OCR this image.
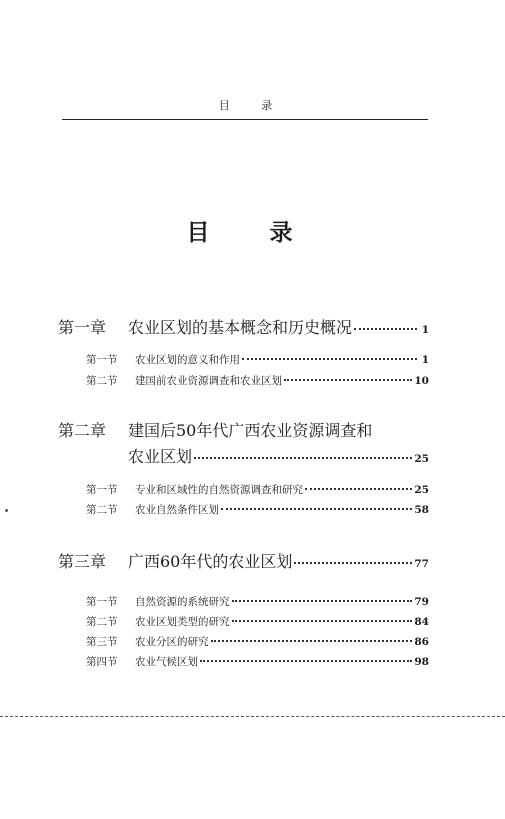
目 录
目 录
第一章	农业区划的基本概念和历史概况	1
第一节	农业区划的意义和作用	1
第二节	建国前农业资源调查和农业区划	10
第二章	建国后50年代广西农业资源调查和
农业区划	25
第一节	专业和区域性的自然资源调查和研究	25
第二节	农业自然条件区划	58
第三章	广西60年代的农业区划	77
第一节	自然资源的系统研究	79
第二节	农业区划类型的研究	84
第三节	农业分区的研究	86
第四节	农业气候区划	98
